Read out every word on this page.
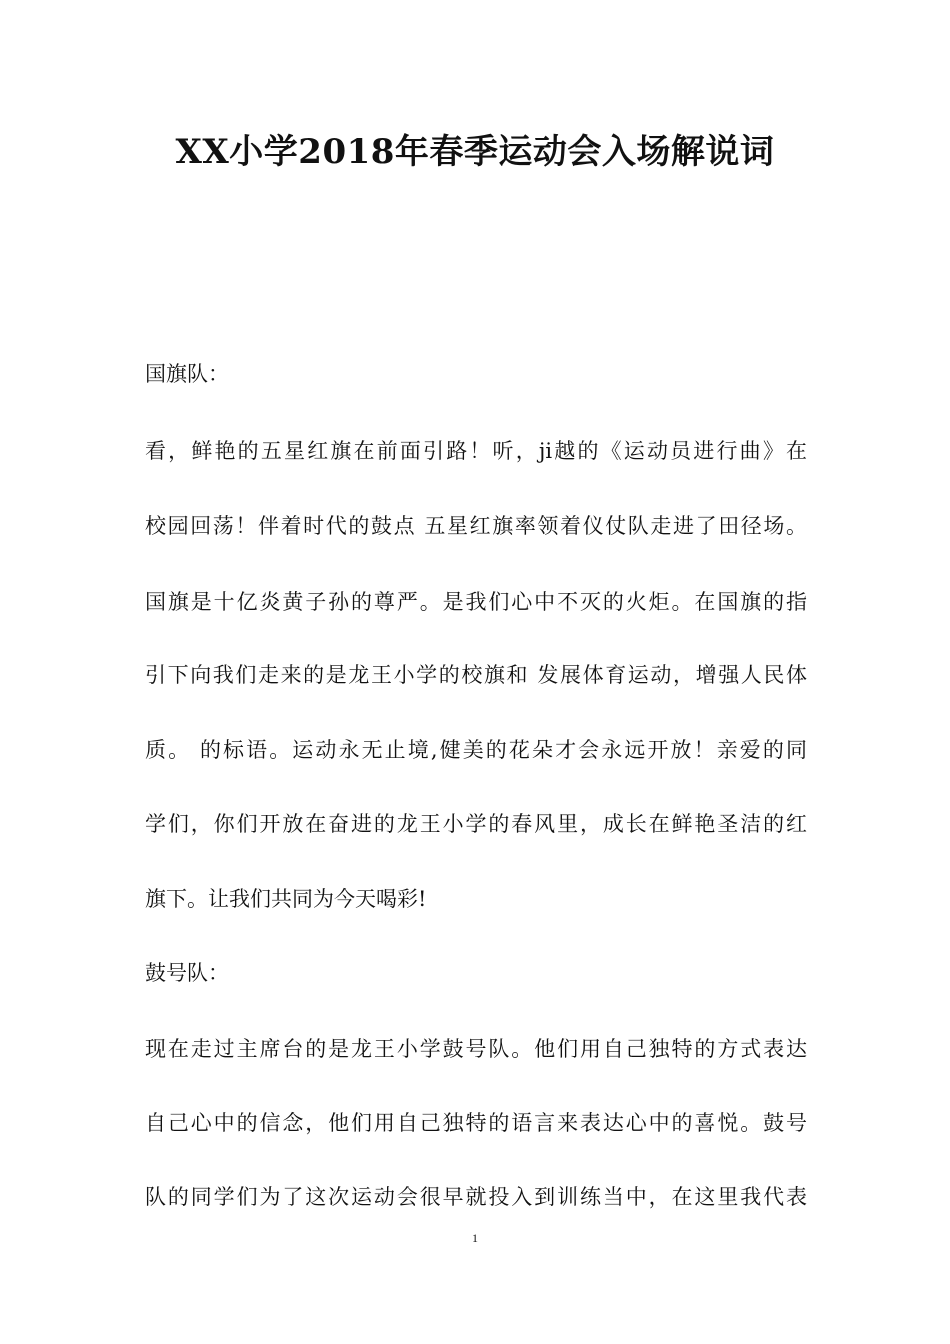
XX小学2018年春季运动会入场解说词
国旗队：
看，鲜艳的五星红旗在前面引路！听，ji越的《运动员进行曲》在
校园回荡！伴着时代的鼓点 五星红旗率领着仪仗队走进了田径场。
国旗是十亿炎黄子孙的尊严。是我们心中不灭的火炬。在国旗的指
引下向我们走来的是龙王小学的校旗和 发展体育运动，增强人民体
质。 的标语。运动永无止境,健美的花朵才会永远开放！亲爱的同
学们，你们开放在奋进的龙王小学的春风里，成长在鲜艳圣洁的红
旗下。让我们共同为今天喝彩!
鼓号队：
现在走过主席台的是龙王小学鼓号队。他们用自己独特的方式表达
自己心中的信念，他们用自己独特的语言来表达心中的喜悦。鼓号
队的同学们为了这次运动会很早就投入到训练当中，在这里我代表
1
